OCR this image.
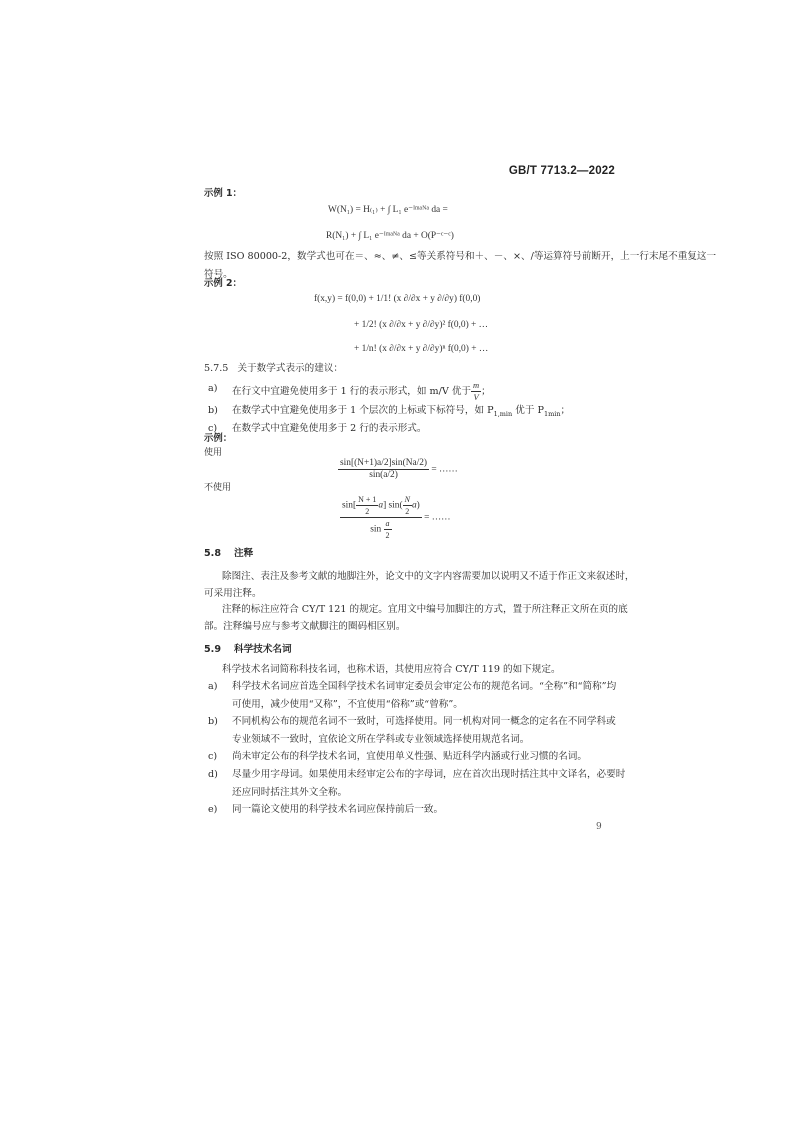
GB/T 7713.2—2022
示例 1：
W(N₁) = H₍₁₎ + ∫ L₁ e⁻ᴵᵐᵃᴺᵃ da =
R(N₁) + ∫ L₁ e⁻ᴵᵐᵃᴺᵃ da + O(P⁻ᶜ⁻ᶜ)
按照 ISO 80000-2，数学式也可在＝、≈、≠、≤等关系符号和＋、－、×、/等运算符号前断开，上一行末尾不重复这一
符号。
示例 2：
f(x,y) = f(0,0) + 1/1! (x ∂/∂x + y ∂/∂y) f(0,0)
+ 1/2! (x ∂/∂x + y ∂/∂y)² f(0,0) + …
+ 1/n! (x ∂/∂x + y ∂/∂y)ⁿ f(0,0) + …
5.7.5 关于数学式表示的建议：
a)	在行文中宜避免使用多于 1 行的表示形式，如 m/V 优于 $\frac{m}{V}$ ；
b)	在数学式中宜避免使用多于 1 个层次的上标或下标符号，如 $P_{1,min}$ 优于 $P_{1min}$；
c)	在数学式中宜避免使用多于 2 行的表示形式。
示例：
使用
$\frac{\sin[(N+1)a/2]\sin(Na/2)}{\sin(a/2)}$ = ……
不使用
$\frac{\sin[ \frac{N + 1}{2} a] \sin( \frac{N}{2} a)}{\sin \frac{a}{2}}$ = ……
5.8 注释
除图注、表注及参考文献的地脚注外，论文中的文字内容需要加以说明又不适于作正文来叙述时，
可采用注释。
注释的标注应符合 CY/T 121 的规定。宜用文中编号加脚注的方式，置于所注释正文所在页的底
部。注释编号应与参考文献脚注的圈码相区别。
5.9 科学技术名词
科学技术名词简称科技名词，也称术语，其使用应符合 CY/T 119 的如下规定。
a)	科学技术名词应首选全国科学技术名词审定委员会审定公布的规范名词。“全称”和“简称”均
可使用，减少使用“又称”，不宜使用“俗称”或“曾称”。
b)	不同机构公布的规范名词不一致时，可选择使用。同一机构对同一概念的定名在不同学科或
专业领域不一致时，宜依论文所在学科或专业领域选择使用规范名词。
c)	尚未审定公布的科学技术名词，宜使用单义性强、贴近科学内涵或行业习惯的名词。
d)	尽量少用字母词。如果使用未经审定公布的字母词，应在首次出现时括注其中文译名，必要时
还应同时括注其外文全称。
e)	同一篇论文使用的科学技术名词应保持前后一致。
9
